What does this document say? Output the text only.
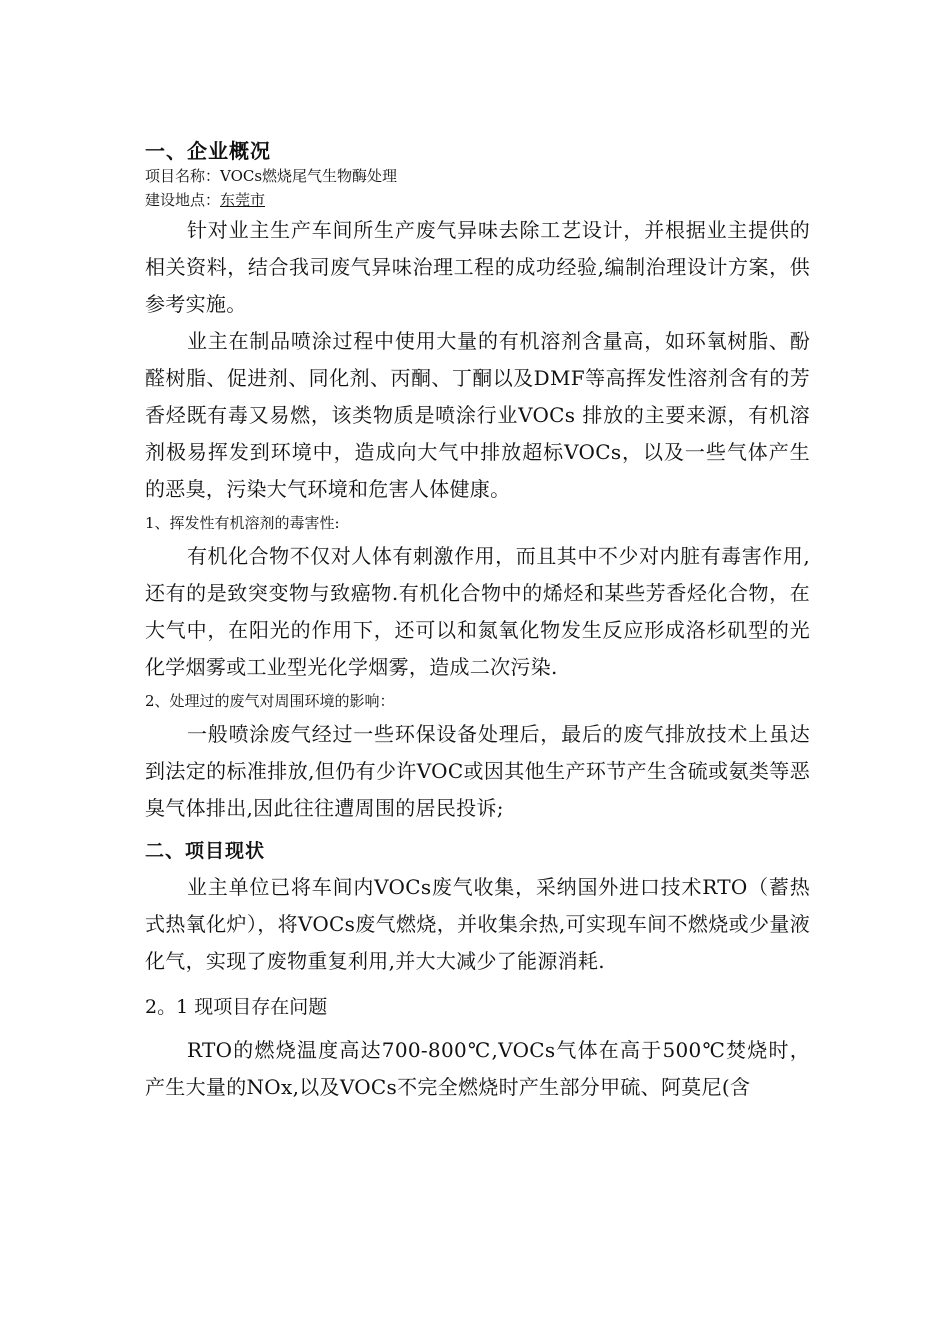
一、企业概况

项目名称：VOCs燃烧尾气生物酶处理

建设地点：东莞市

针对业主生产车间所生产废气异味去除工艺设计，并根据业主提供的相关资料，结合我司废气异味治理工程的成功经验,编制治理设计方案，供参考实施。

业主在制品喷涂过程中使用大量的有机溶剂含量高，如环氧树脂、酚醛树脂、促进剂、同化剂、丙酮、丁酮以及DMF等高挥发性溶剂含有的芳香烃既有毒又易燃，该类物质是喷涂行业VOCs 排放的主要来源，有机溶剂极易挥发到环境中，造成向大气中排放超标VOCs，以及一些气体产生的恶臭，污染大气环境和危害人体健康。

1、挥发性有机溶剂的毒害性:

有机化合物不仅对人体有刺激作用，而且其中不少对内脏有毒害作用,还有的是致突变物与致癌物.有机化合物中的烯烃和某些芳香烃化合物，在大气中，在阳光的作用下，还可以和氮氧化物发生反应形成洛杉矶型的光化学烟雾或工业型光化学烟雾，造成二次污染.

2、处理过的废气对周围环境的影响：

一般喷涂废气经过一些环保设备处理后，最后的废气排放技术上虽达到法定的标准排放,但仍有少许VOC或因其他生产环节产生含硫或氨类等恶臭气体排出,因此往往遭周围的居民投诉;

二、项目现状

业主单位已将车间内VOCs废气收集，采纳国外进口技术RTO（蓄热式热氧化炉），将VOCs废气燃烧，并收集余热,可实现车间不燃烧或少量液化气，实现了废物重复利用,并大大减少了能源消耗.

2。1 现项目存在问题

RTO的燃烧温度高达700-800℃,VOCs气体在高于500℃焚烧时，产生大量的NOx,以及VOCs不完全燃烧时产生部分甲硫、阿莫尼(含
